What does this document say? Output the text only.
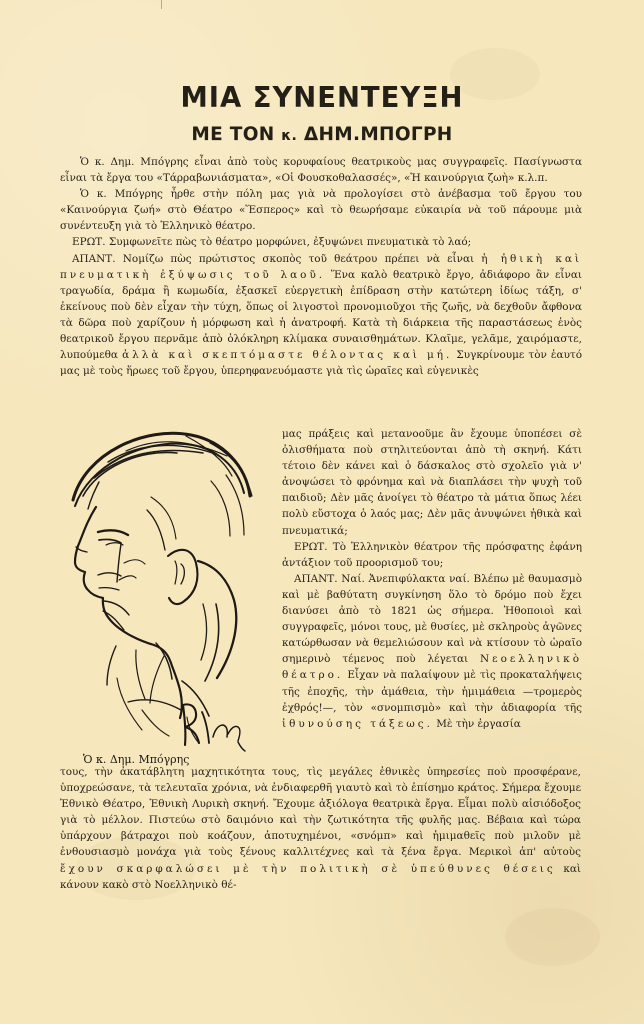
ΜΙΑ ΣΥΝΕΝΤΕΥΞΗ
ΜΕ ΤΟΝ κ. ΔΗΜ.ΜΠΟΓΡΗ

Ὁ κ. Δημ. Μπόγρης εἶναι ἀπὸ τοὺς κορυφαίους θεατρικοὺς μας συγγραφεῖς. Πασίγνωστα εἶναι τὰ ἔργα του «Τάρραβωνιάσματα», «Οἱ Φουσκοθαλασσές», «Ἡ καινούργια ζωὴ» κ.λ.π.

Ὁ κ. Μπόγρης ἦρθε στὴν πόλη μας γιὰ νὰ προλογίσει στὸ ἀνέβασμα τοῦ ἔργου του «Καινούργια ζωή» στὸ Θέατρο «Ἕσπερος» καὶ τὸ θεωρήσαμε εὐκαιρία νὰ τοῦ πάρουμε μιὰ συνέντευξη γιὰ τὸ Ἑλληνικὸ θέατρο.

ΕΡΩΤ. Συμφωνεῖτε πὼς τὸ θέατρο μορφώνει, ἐξυψώνει πνευματικὰ τὸ λαό;

ΑΠΑΝΤ. Νομίζω πὼς πρώτιστος σκοπὸς τοῦ θεάτρου πρέπει νὰ εἶναι ἡ ἠθικὴ καὶ πνευματικὴ ἐξύψωσις τοῦ λαοῦ. Ἕνα καλὸ θεατρικὸ ἔργο, ἀδιάφορο ἂν εἶναι τραγωδία, δράμα ἢ κωμωδία, ἐξασκεῖ εὐεργετικὴ ἐπίδραση στὴν κατώτερη ἰδίως τάξη, σ' ἐκείνους ποὺ δὲν εἶχαν τὴν τύχη, ὅπως οἱ λιγοστοὶ προνομιοῦχοι τῆς ζωῆς, νὰ δεχθοῦν ἄφθονα τὰ δῶρα ποὺ χαρίζουν ἡ μόρφωση καὶ ἡ ἀνατροφή. Κατὰ τὴ διάρκεια τῆς παραστάσεως ἑνὸς θεατρικοῦ ἔργου περνᾶμε ἀπὸ ὁλόκληρη κλίμακα συναισθημάτων. Κλαῖμε, γελᾶμε, χαιρόμαστε, λυπούμεθα ἀλλὰ καὶ σκεπτόμαστε θέλοντας καὶ μή. Συγκρίνουμε τὸν ἑαυτό μας μὲ τοὺς ἥρωες τοῦ ἔργου, ὑπερηφανευόμαστε γιὰ τὶς ὡραῖες καὶ εὐγενικὲς

Ὁ κ. Δημ. Μπόγρης

μας πράξεις καὶ μετανοοῦμε ἂν ἔχουμε ὑποπέσει σὲ ὀλισθήματα ποὺ στηλιτεύονται ἀπὸ τὴ σκηνή. Κάτι τέτοιο δὲν κάνει καὶ ὁ δάσκαλος στὸ σχολεῖο γιὰ ν' ἀνοψώσει τὸ φρόνημα καὶ νὰ διαπλάσει τὴν ψυχὴ τοῦ παιδιοῦ; Δὲν μᾶς ἀνοίγει τὸ θέατρο τὰ μάτια ὅπως λέει πολὺ εὔστοχα ὁ λαός μας; Δὲν μᾶς ἀνυψώνει ἠθικὰ καὶ πνευματικά;

ΕΡΩΤ. Τὸ Ἑλληνικὸν θέατρον τῆς πρόσφατης ἐφάνη ἀντάξιον τοῦ προορισμοῦ του;

ΑΠΑΝΤ. Ναί. Ἀνεπιφύλακτα ναί. Βλέπω μὲ θαυμασμὸ καὶ μὲ βαθύτατη συγκίνηση ὅλο τὸ δρόμο ποὺ ἔχει διανύσει ἀπὸ τὸ 1821 ὡς σήμερα. Ἠθοποιοὶ καὶ συγγραφεῖς, μόνοι τους, μὲ θυσίες, μὲ σκληροὺς ἀγῶνες κατώρθωσαν νὰ θεμελιώσουν καὶ νὰ κτίσουν τὸ ὡραῖο σημερινὸ τέμενος ποὺ λέγεται Νεοελληνικὸ θέατρο. Εἶχαν νὰ παλαίψουν μὲ τὶς προκαταλήψεις τῆς ἐποχῆς, τὴν ἀμάθεια, τὴν ἡμιμάθεια —τρομερὸς ἐχθρός!—, τὸν «σνομπισμὸ» καὶ τὴν ἀδιαφορία τῆς ἰθυνούσης τάξεως. Μὲ τὴν ἐργασία

τους, τὴν ἀκατάβλητη μαχητικότητα τους, τὶς μεγάλες ἐθνικὲς ὑπηρεσίες ποὺ προσφέρανε, ὑποχρεώσανε, τὰ τελευταῖα χρόνια, νὰ ἐνδιαφερθῆ γιαυτὸ καὶ τὸ ἐπίσημο κράτος. Σήμερα ἔχουμε Ἐθνικὸ Θέατρο, Ἐθνικὴ Λυρικὴ σκηνή. Ἔχουμε ἀξιόλογα θεατρικὰ ἔργα. Εἶμαι πολὺ αἰσιόδοξος γιὰ τὸ μέλλον. Πιστεύω στὸ δαιμόνιο καὶ τὴν ζωτικότητα τῆς φυλῆς μας. Βέβαια καὶ τώρα ὑπάρχουν βάτραχοι ποὺ κοάζουν, ἀποτυχημένοι, «σνόμπ» καὶ ἡμιμαθεῖς ποὺ μιλοῦν μὲ ἐνθουσιασμὸ μονάχα γιὰ τοὺς ξένους καλλιτέχνες καὶ τὰ ξένα ἔργα. Μερικοὶ ἀπ' αὐτοὺς ἔχουν σκαρφαλώσει μὲ τὴν πολιτικὴ σὲ ὑπεύθυνες θέσεις καὶ κάνουν κακὸ στὸ Νοελληνικὸ θέ-
